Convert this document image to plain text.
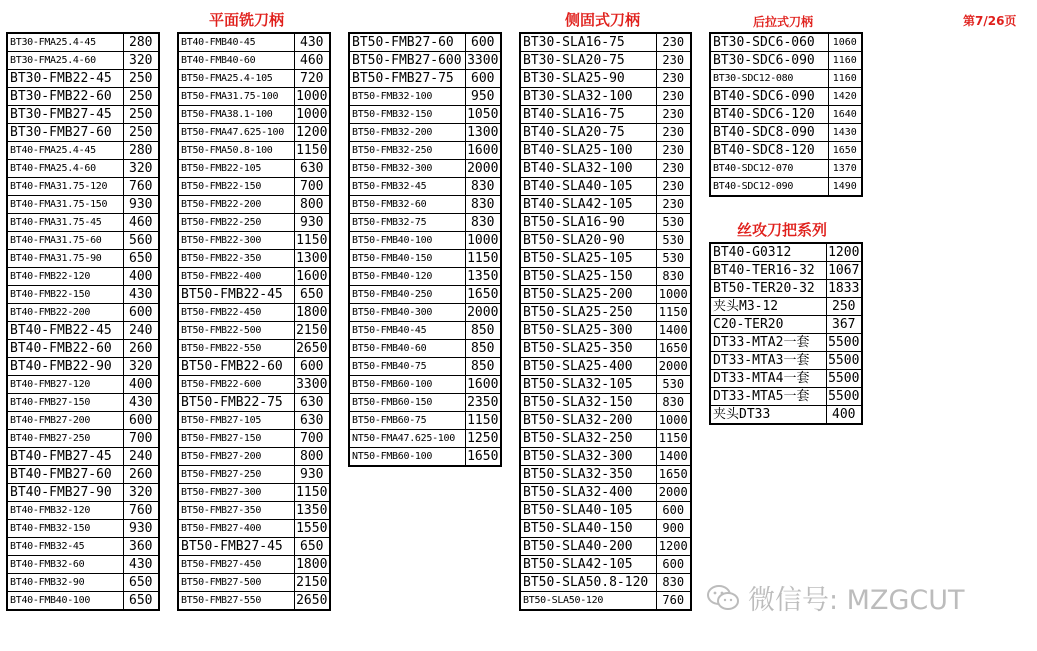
平面铣刀柄	侧固式刀柄	后拉式刀柄
丝攻刀把系列
第7/26页
BT30-FMA25.4-45	280
BT30-FMA25.4-60	320
BT30-FMB22-45	250
BT30-FMB22-60	250
BT30-FMB27-45	250
BT30-FMB27-60	250
BT40-FMA25.4-45	280
BT40-FMA25.4-60	320
BT40-FMA31.75-120	760
BT40-FMA31.75-150	930
BT40-FMA31.75-45	460
BT40-FMA31.75-60	560
BT40-FMA31.75-90	650
BT40-FMB22-120	400
BT40-FMB22-150	430
BT40-FMB22-200	600
BT40-FMB22-45	240
BT40-FMB22-60	260
BT40-FMB22-90	320
BT40-FMB27-120	400
BT40-FMB27-150	430
BT40-FMB27-200	600
BT40-FMB27-250	700
BT40-FMB27-45	240
BT40-FMB27-60	260
BT40-FMB27-90	320
BT40-FMB32-120	760
BT40-FMB32-150	930
BT40-FMB32-45	360
BT40-FMB32-60	430
BT40-FMB32-90	650
BT40-FMB40-100	650
BT40-FMB40-45	430
BT40-FMB40-60	460
BT50-FMA25.4-105	720
BT50-FMA31.75-100	1000
BT50-FMA38.1-100	1000
BT50-FMA47.625-100	1200
BT50-FMA50.8-100	1150
BT50-FMB22-105	630
BT50-FMB22-150	700
BT50-FMB22-200	800
BT50-FMB22-250	930
BT50-FMB22-300	1150
BT50-FMB22-350	1300
BT50-FMB22-400	1600
BT50-FMB22-45	650
BT50-FMB22-450	1800
BT50-FMB22-500	2150
BT50-FMB22-550	2650
BT50-FMB22-60	600
BT50-FMB22-600	3300
BT50-FMB22-75	630
BT50-FMB27-105	630
BT50-FMB27-150	700
BT50-FMB27-200	800
BT50-FMB27-250	930
BT50-FMB27-300	1150
BT50-FMB27-350	1350
BT50-FMB27-400	1550
BT50-FMB27-45	650
BT50-FMB27-450	1800
BT50-FMB27-500	2150
BT50-FMB27-550	2650
BT50-FMB27-60	600
BT50-FMB27-600	3300
BT50-FMB27-75	600
BT50-FMB32-100	950
BT50-FMB32-150	1050
BT50-FMB32-200	1300
BT50-FMB32-250	1600
BT50-FMB32-300	2000
BT50-FMB32-45	830
BT50-FMB32-60	830
BT50-FMB32-75	830
BT50-FMB40-100	1000
BT50-FMB40-150	1150
BT50-FMB40-120	1350
BT50-FMB40-250	1650
BT50-FMB40-300	2000
BT50-FMB40-45	850
BT50-FMB40-60	850
BT50-FMB40-75	850
BT50-FMB60-100	1600
BT50-FMB60-150	2350
BT50-FMB60-75	1150
NT50-FMA47.625-100	1250
NT50-FMB60-100	1650
BT30-SLA16-75	230
BT30-SLA20-75	230
BT30-SLA25-90	230
BT30-SLA32-100	230
BT40-SLA16-75	230
BT40-SLA20-75	230
BT40-SLA25-100	230
BT40-SLA32-100	230
BT40-SLA40-105	230
BT40-SLA42-105	230
BT50-SLA16-90	530
BT50-SLA20-90	530
BT50-SLA25-105	530
BT50-SLA25-150	830
BT50-SLA25-200	1000
BT50-SLA25-250	1150
BT50-SLA25-300	1400
BT50-SLA25-350	1650
BT50-SLA25-400	2000
BT50-SLA32-105	530
BT50-SLA32-150	830
BT50-SLA32-200	1000
BT50-SLA32-250	1150
BT50-SLA32-300	1400
BT50-SLA32-350	1650
BT50-SLA32-400	2000
BT50-SLA40-105	600
BT50-SLA40-150	900
BT50-SLA40-200	1200
BT50-SLA42-105	600
BT50-SLA50.8-120	830
BT50-SLA50-120	760
BT30-SDC6-060	1060
BT30-SDC6-090	1160
BT30-SDC12-080	1160
BT40-SDC6-090	1420
BT40-SDC6-120	1640
BT40-SDC8-090	1430
BT40-SDC8-120	1650
BT40-SDC12-070	1370
BT40-SDC12-090	1490
BT40-G0312	1200
BT40-TER16-32	1067
BT50-TER20-32	1833
夹头M3-12	250
C20-TER20	367
DT33-MTA2一套	5500
DT33-MTA3一套	5500
DT33-MTA4一套	5500
DT33-MTA5一套	5500
夹头DT33	400
微信号: MZGCUT
